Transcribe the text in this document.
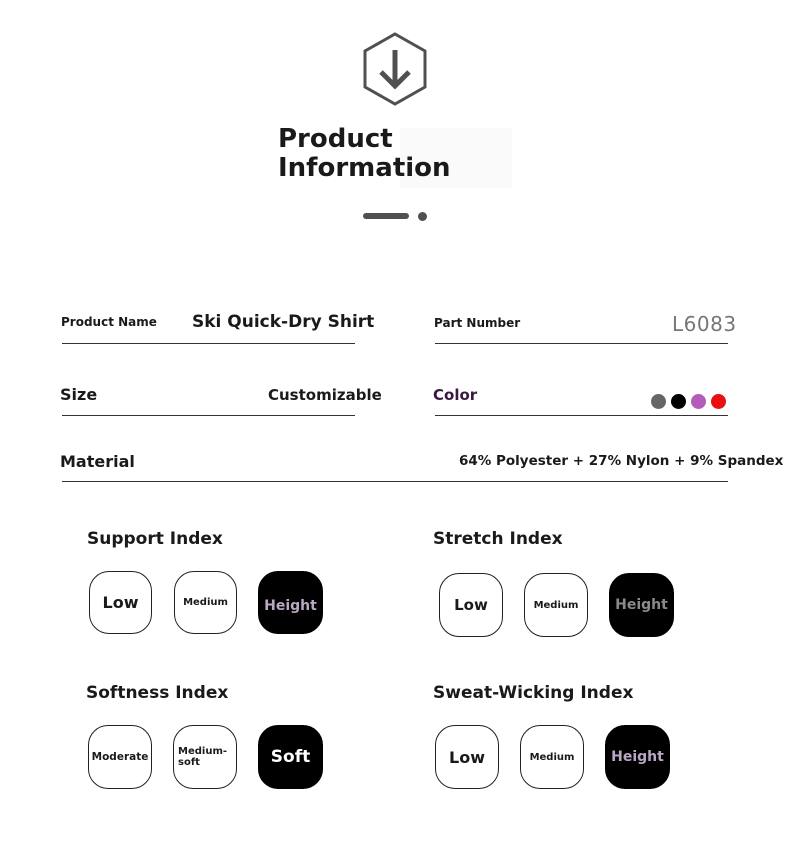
Product Information
Product Name Ski Quick-Dry Shirt	Part Number	L6083
Size	Customizable	Color
Material	64% Polyester + 27% Nylon + 9% Spandex
Support Index
Low	Medium	Height
Stretch Index
Low	Medium	Height
Softness Index
Moderate	Medium-
soft	Soft
Sweat-Wicking Index
Low	Medium	Height
